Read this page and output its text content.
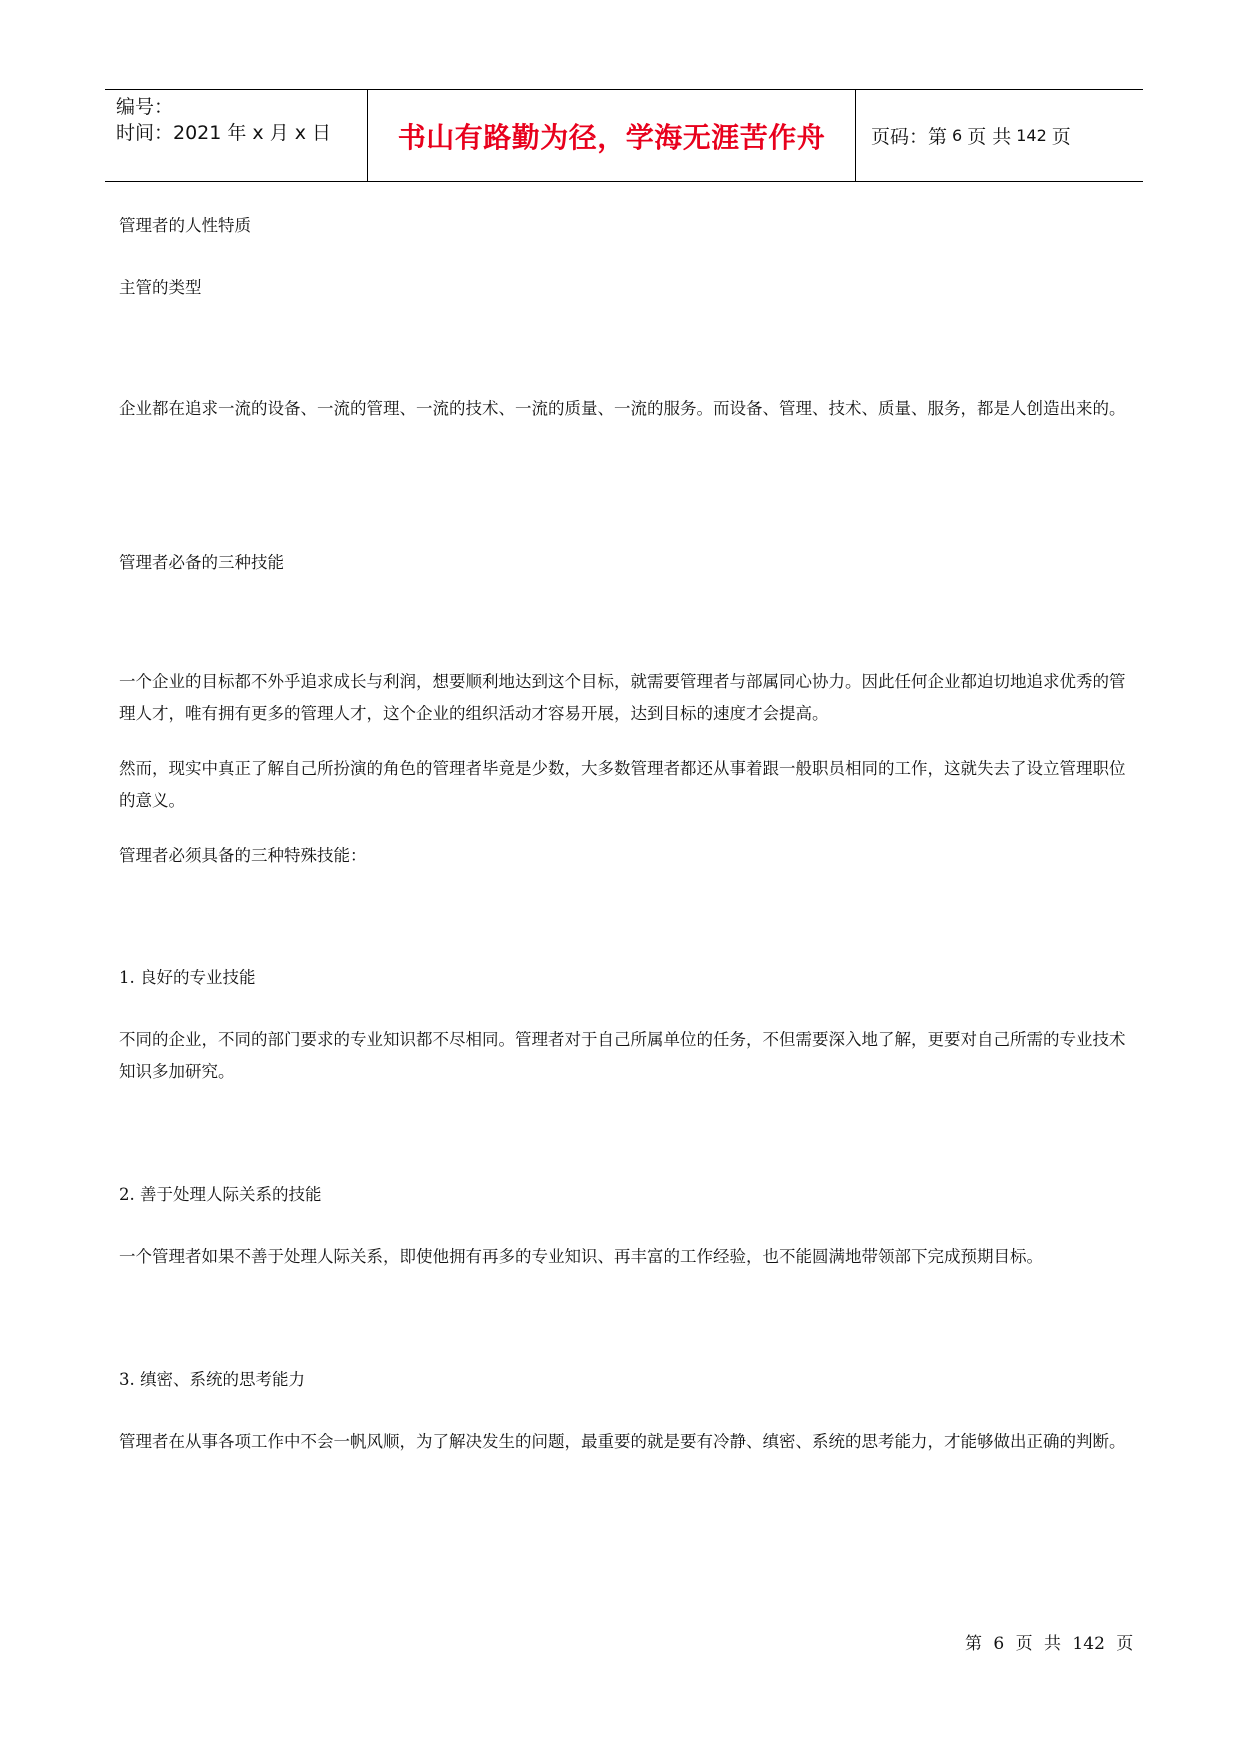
编号：
时间：2021 年 x 月 x 日	书山有路勤为径，学海无涯苦作舟	页码：第 6 页 共 142 页

管理者的人性特质

主管的类型

企业都在追求一流的设备、一流的管理、一流的技术、一流的质量、一流的服务。而设备、管理、技术、质量、服务，都是人创造出来的。

管理者必备的三种技能

一个企业的目标都不外乎追求成长与利润，想要顺利地达到这个目标，就需要管理者与部属同心协力。因此任何企业都迫切地追求优秀的管理人才，唯有拥有更多的管理人才，这个企业的组织活动才容易开展，达到目标的速度才会提高。

然而，现实中真正了解自己所扮演的角色的管理者毕竟是少数，大多数管理者都还从事着跟一般职员相同的工作，这就失去了设立管理职位的意义。

管理者必须具备的三种特殊技能：

1. 良好的专业技能

不同的企业，不同的部门要求的专业知识都不尽相同。管理者对于自己所属单位的任务，不但需要深入地了解，更要对自己所需的专业技术知识多加研究。

2. 善于处理人际关系的技能

一个管理者如果不善于处理人际关系，即使他拥有再多的专业知识、再丰富的工作经验，也不能圆满地带领部下完成预期目标。

3. 缜密、系统的思考能力

管理者在从事各项工作中不会一帆风顺，为了解决发生的问题，最重要的就是要有冷静、缜密、系统的思考能力，才能够做出正确的判断。

第 6 页 共 142 页
